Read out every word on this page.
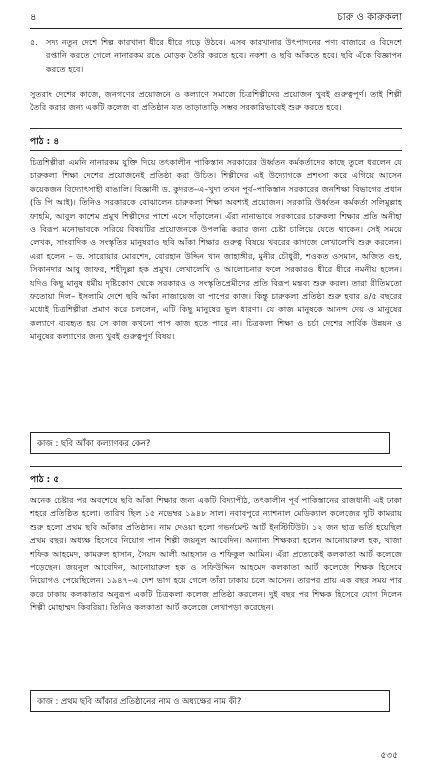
৪	চারু ও কারুকলা
৫. সদ্য নতুন দেশে শিল্প কারখানা ধীরে ধীরে গড়ে উঠবে। এসব কারখানার উৎপাদনের পণ্য বাজারে ও বিদেশে রপ্তানি করতে গেলে নানারকম রঙে মোড়ক তৈরি করতে হবে। নকশা ও ছবি আঁকতে হবে। ছবি এঁকে বিজ্ঞাপন করতে হবে।

সুতরাং দেশের কাজে, জনগণের প্রয়োজনে ও কল্যাণে সমাজে চিত্রশিল্পীদের প্রয়োজন খুবই গুরুত্বপূর্ণ। তাই শিল্পী তৈরি করার জন্য একটি কলেজ বা প্রতিষ্ঠান যত তাড়াতাড়ি সম্ভব সরকারিভাবেই শুরু করতে হবে।

পাঠ : ৪

চিত্রশিল্পীরা এমনি নানারকম যুক্তি দিয়ে তৎকালীন পাকিস্তান সরকারের উর্ধ্বতন কর্মকর্তাদের কাছে তুলে ধরলেন যে চারুকলা শিক্ষা দেশের প্রয়োজনেই প্রতিষ্ঠা করা উচিত। শিল্পীদের এই উদ্যোগকে প্রশংসা করে এগিয়ে আসেন কয়েকজন বিদ্যোৎসাহী বাঙালি। বিজ্ঞানী ড. কুদরত–এ–খুদা তখন পূর্ব–পাকিস্তান সরকারের জনশিক্ষা বিভাগের প্রধান (ডি পি আই)। তিনিও সরকারকে বোঝালেন চারুকলা শিক্ষা অবশ্যই প্রয়োজন। সরকারি উর্ধ্বতন কর্মকর্তা সলিমুল্লাহ ফাহমি, আবুল কাশেম প্রমুখ শিল্পীদের পাশে এসে দাঁড়ালেন। এঁরা নানাভাবে সরকারের চারুকলা শিক্ষার প্রতি অনীহা ও বিরূপ মনোভাবকে সরিয়ে বিষয়টির প্রয়োজনকে উপলব্ধি করার জন্য চেষ্টা চালিয়ে যেতে থাকেন। সেই সময়ে লেখক, সাংবাদিক ও সংস্কৃতির মানুষরাও ছবি আঁকা শিক্ষার গুরুত্ব বিষয়ে খবরের কাগজে লেখালেখি শুরু করলেন। এরা হলেন – ড. সারোয়ার মোরশেদ, বোরহান উদ্দিন খান জাহাঙ্গীর, মুনীর চৌধুরী, শওকত ওসমান, অজিত গুহ, সিকানদার আবু জাফর, শহীদুল্লা হক প্রমুখ। লেখালেখি ও আলোচনার ফলে সরকারও ধীরে ধীরে নমনীয় হলেন। যদিও কিছু মানুষ ধর্মীয় দৃষ্টিকোণ থেকে সরকারও ও সংস্কৃতিপ্রেমীদের প্রতি বিরূপ মন্তব্য শুরু করল। তারা রীতিমতো ফতোয়া দিল– ইসলামি দেশে ছবি আঁকা নাজায়েজ বা পাপের কাজ। কিন্তু চারুকলা প্রতিষ্ঠা শুরু হবার ৪/৫ বছরের মধ্যেই চিত্রশিল্পীরা প্রমাণ করে চললেন, এটি কিছু মানুষের ভুল ধারণা। যে কাজ মানুষকে আনন্দ দেয় ও মানুষের কল্যাণে ব্যবহৃত হয় সে কাজ কখনো পাপ কাজ হতে পারে না। চিত্রকলা শিক্ষা ও চর্চা দেশের সার্বিক উন্নয়ন ও মানুষের কল্যাণের জন্য খুবই গুরুত্বপূর্ণ বিষয়।

কাজ : ছবি আঁকা কল্যাণকর কেন?
পাঠ : ৫

অনেক চেষ্টার পর অবশেষে ছবি আঁকা শিক্ষার জন্য একটি বিদ্যাপীঠ, তৎকালীন পূর্ব পাকিস্তানের রাজধানী এই ঢাকা শহরে প্রতিষ্ঠিত হলো। তারিখ ছিল ১৫ নভেম্বর ১৯৪৮ সাল। নবাবপুরে ন্যাশনাল মেডিক্যাল কলেজের দুটি কামরায় শুরু হলো প্রথম ছবি আঁকার প্রতিষ্ঠান। নাম দেওয়া হলো গভর্নমেন্ট আর্ট ইনস্টিটিউট। ১২ জন ছাত্র ভর্তি হয়েছিল প্রথম বছর। অধ্যক্ষ হিসেবে নিয়োগ পান শিল্পী জয়নুল আবেদিন। অন্যান্য শিক্ষকরা হলেন আনোয়ারুল হক, খাজা শফিক আহমেদ, কামরুল হাসান, সৈয়দ আলী আহসান ও শফিকুল আমিন। এঁরা প্রত্যেকেই কলকাতা আর্ট কলেজে পড়েছেন। জয়নুল আবেদিন, আনোয়ারুল হক ও সফিউদ্দিন আহমেদ কলকাতা আর্ট কলেজে শিক্ষক হিসেবে নিয়োগও পেয়েছিলেন। ১৯৪৭–এ দেশ ভাগ হয়ে গেলে তাঁরা ঢাকায় চলে আসেন। তারপর প্রায় এক বছর সময় পার করে ঢাকায় কলকাতার অনুরূপ একটি চিত্রকলা কলেজ প্রতিষ্ঠা করলেন। দুই বছর পর শিক্ষক হিসেবে যোগ দিলেন শিল্পী মোহাম্মদ কিবরিয়া। তিনিও কলকাতা আর্ট কলেজে লেখাপড়া করেছেন।

কাজ : প্রথম ছবি আঁকার প্রতিষ্ঠানের নাম ও অধ্যক্ষের নাম কী?
৫৩৫
